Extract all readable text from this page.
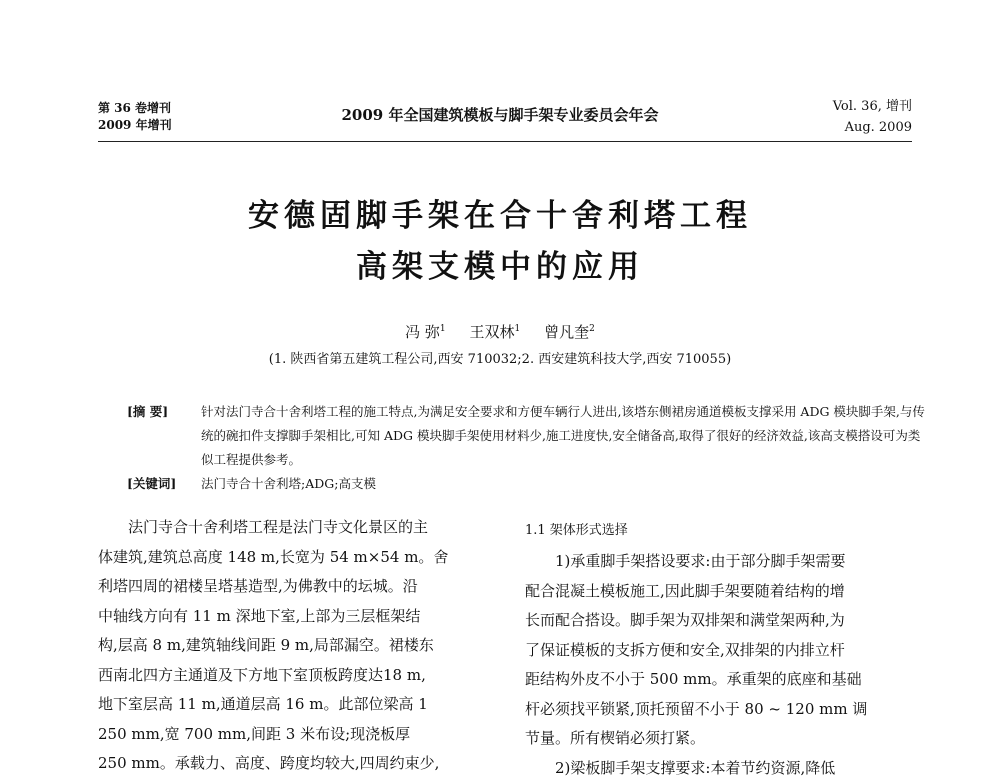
第 36 卷增刊
2009 年增刊
2009 年全国建筑模板与脚手架专业委员会年会	Vol. 36, 增刊
Aug. 2009
安德固脚手架在合十舍利塔工程
高架支模中的应用
冯 弥$^1$ 王双林$^1$ 曾凡奎$^2$
(1. 陕西省第五建筑工程公司,西安 710032;2. 西安建筑科技大学,西安 710055)
[摘 要]	针对法门寺合十舍利塔工程的施工特点,为满足安全要求和方便车辆行人进出,该塔东侧裙房通道模板支撑采用 ADG 模块脚手架,与传统的碗扣件支撑脚手架相比,可知 ADG 模块脚手架使用材料少,施工进度快,安全储备高,取得了很好的经济效益,该高支模搭设可为类似工程提供参考。
[关键词]	法门寺合十舍利塔;ADG;高支模
法门寺合十舍利塔工程是法门寺文化景区的主
体建筑,建筑总高度 148 m,长宽为 54 m×54 m。舍
利塔四周的裙楼呈塔基造型,为佛教中的坛城。沿
中轴线方向有 11 m 深地下室,上部为三层框架结
构,层高 8 m,建筑轴线间距 9 m,局部漏空。裙楼东
西南北四方主通道及下方地下室顶板跨度达18 m,
地下室层高 11 m,通道层高 16 m。此部位梁高 1
250 mm,宽 700 mm,间距 3 米布设;现浇板厚
250 mm。承载力、高度、跨度均较大,四周约束少,
1.1 架体形式选择
1)承重脚手架搭设要求:由于部分脚手架需要
配合混凝土模板施工,因此脚手架要随着结构的增
长而配合搭设。脚手架为双排架和满堂架两种,为
了保证模板的支拆方便和安全,双排架的内排立杆
距结构外皮不小于 500 mm。承重架的底座和基础
杆必须找平锁紧,顶托预留不小于 80 ~ 120 mm 调
节量。所有楔销必须打紧。
2)梁板脚手架支撑要求:本着节约资源,降低
